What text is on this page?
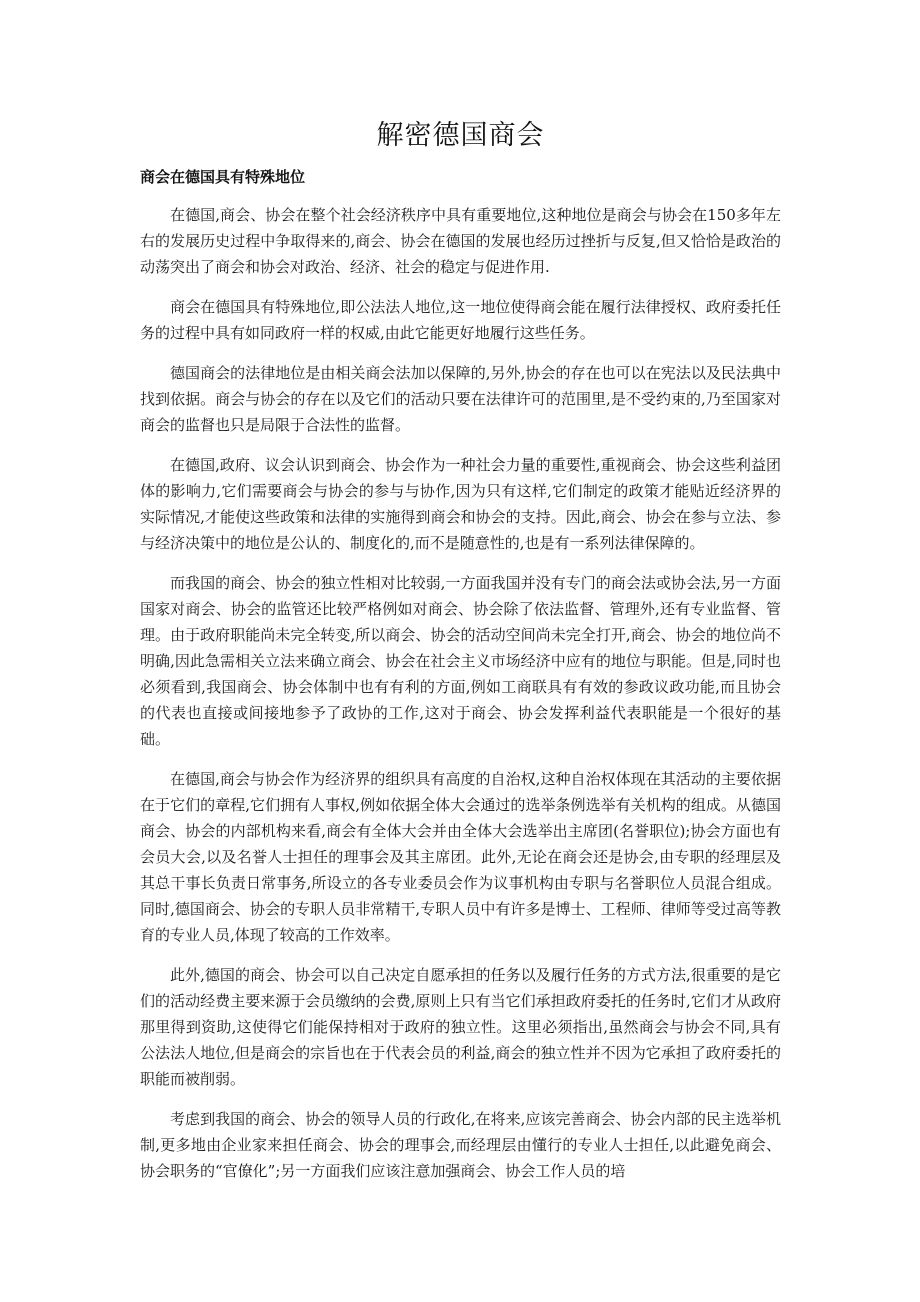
解密德国商会
商会在德国具有特殊地位

在德国,商会、协会在整个社会经济秩序中具有重要地位,这种地位是商会与协会在150多年左右的发展历史过程中争取得来的,商会、协会在德国的发展也经历过挫折与反复,但又恰恰是政治的动荡突出了商会和协会对政治、经济、社会的稳定与促进作用.

商会在德国具有特殊地位,即公法法人地位,这一地位使得商会能在履行法律授权、政府委托任务的过程中具有如同政府一样的权威,由此它能更好地履行这些任务。

德国商会的法律地位是由相关商会法加以保障的,另外,协会的存在也可以在宪法以及民法典中找到依据。商会与协会的存在以及它们的活动只要在法律许可的范围里,是不受约束的,乃至国家对商会的监督也只是局限于合法性的监督。

在德国,政府、议会认识到商会、协会作为一种社会力量的重要性,重视商会、协会这些利益团体的影响力,它们需要商会与协会的参与与协作,因为只有这样,它们制定的政策才能贴近经济界的实际情况,才能使这些政策和法律的实施得到商会和协会的支持。因此,商会、协会在参与立法、参与经济决策中的地位是公认的、制度化的,而不是随意性的,也是有一系列法律保障的。

而我国的商会、协会的独立性相对比较弱,一方面我国并没有专门的商会法或协会法,另一方面国家对商会、协会的监管还比较严格例如对商会、协会除了依法监督、管理外,还有专业监督、管理。由于政府职能尚未完全转变,所以商会、协会的活动空间尚未完全打开,商会、协会的地位尚不明确,因此急需相关立法来确立商会、协会在社会主义市场经济中应有的地位与职能。但是,同时也必须看到,我国商会、协会体制中也有有利的方面,例如工商联具有有效的参政议政功能,而且协会的代表也直接或间接地参予了政协的工作,这对于商会、协会发挥利益代表职能是一个很好的基础。

在德国,商会与协会作为经济界的组织具有高度的自治权,这种自治权体现在其活动的主要依据在于它们的章程,它们拥有人事权,例如依据全体大会通过的选举条例选举有关机构的组成。从德国商会、协会的内部机构来看,商会有全体大会并由全体大会选举出主席团(名誉职位);协会方面也有会员大会,以及名誉人士担任的理事会及其主席团。此外,无论在商会还是协会,由专职的经理层及其总干事长负责日常事务,所设立的各专业委员会作为议事机构由专职与名誉职位人员混合组成。同时,德国商会、协会的专职人员非常精干,专职人员中有许多是博士、工程师、律师等受过高等教育的专业人员,体现了较高的工作效率。

此外,德国的商会、协会可以自己决定自愿承担的任务以及履行任务的方式方法,很重要的是它们的活动经费主要来源于会员缴纳的会费,原则上只有当它们承担政府委托的任务时,它们才从政府那里得到资助,这使得它们能保持相对于政府的独立性。这里必须指出,虽然商会与协会不同,具有公法法人地位,但是商会的宗旨也在于代表会员的利益,商会的独立性并不因为它承担了政府委托的职能而被削弱。

考虑到我国的商会、协会的领导人员的行政化,在将来,应该完善商会、协会内部的民主选举机制,更多地由企业家来担任商会、协会的理事会,而经理层由懂行的专业人士担任,以此避免商会、协会职务的“官僚化”;另一方面我们应该注意加强商会、协会工作人员的培
